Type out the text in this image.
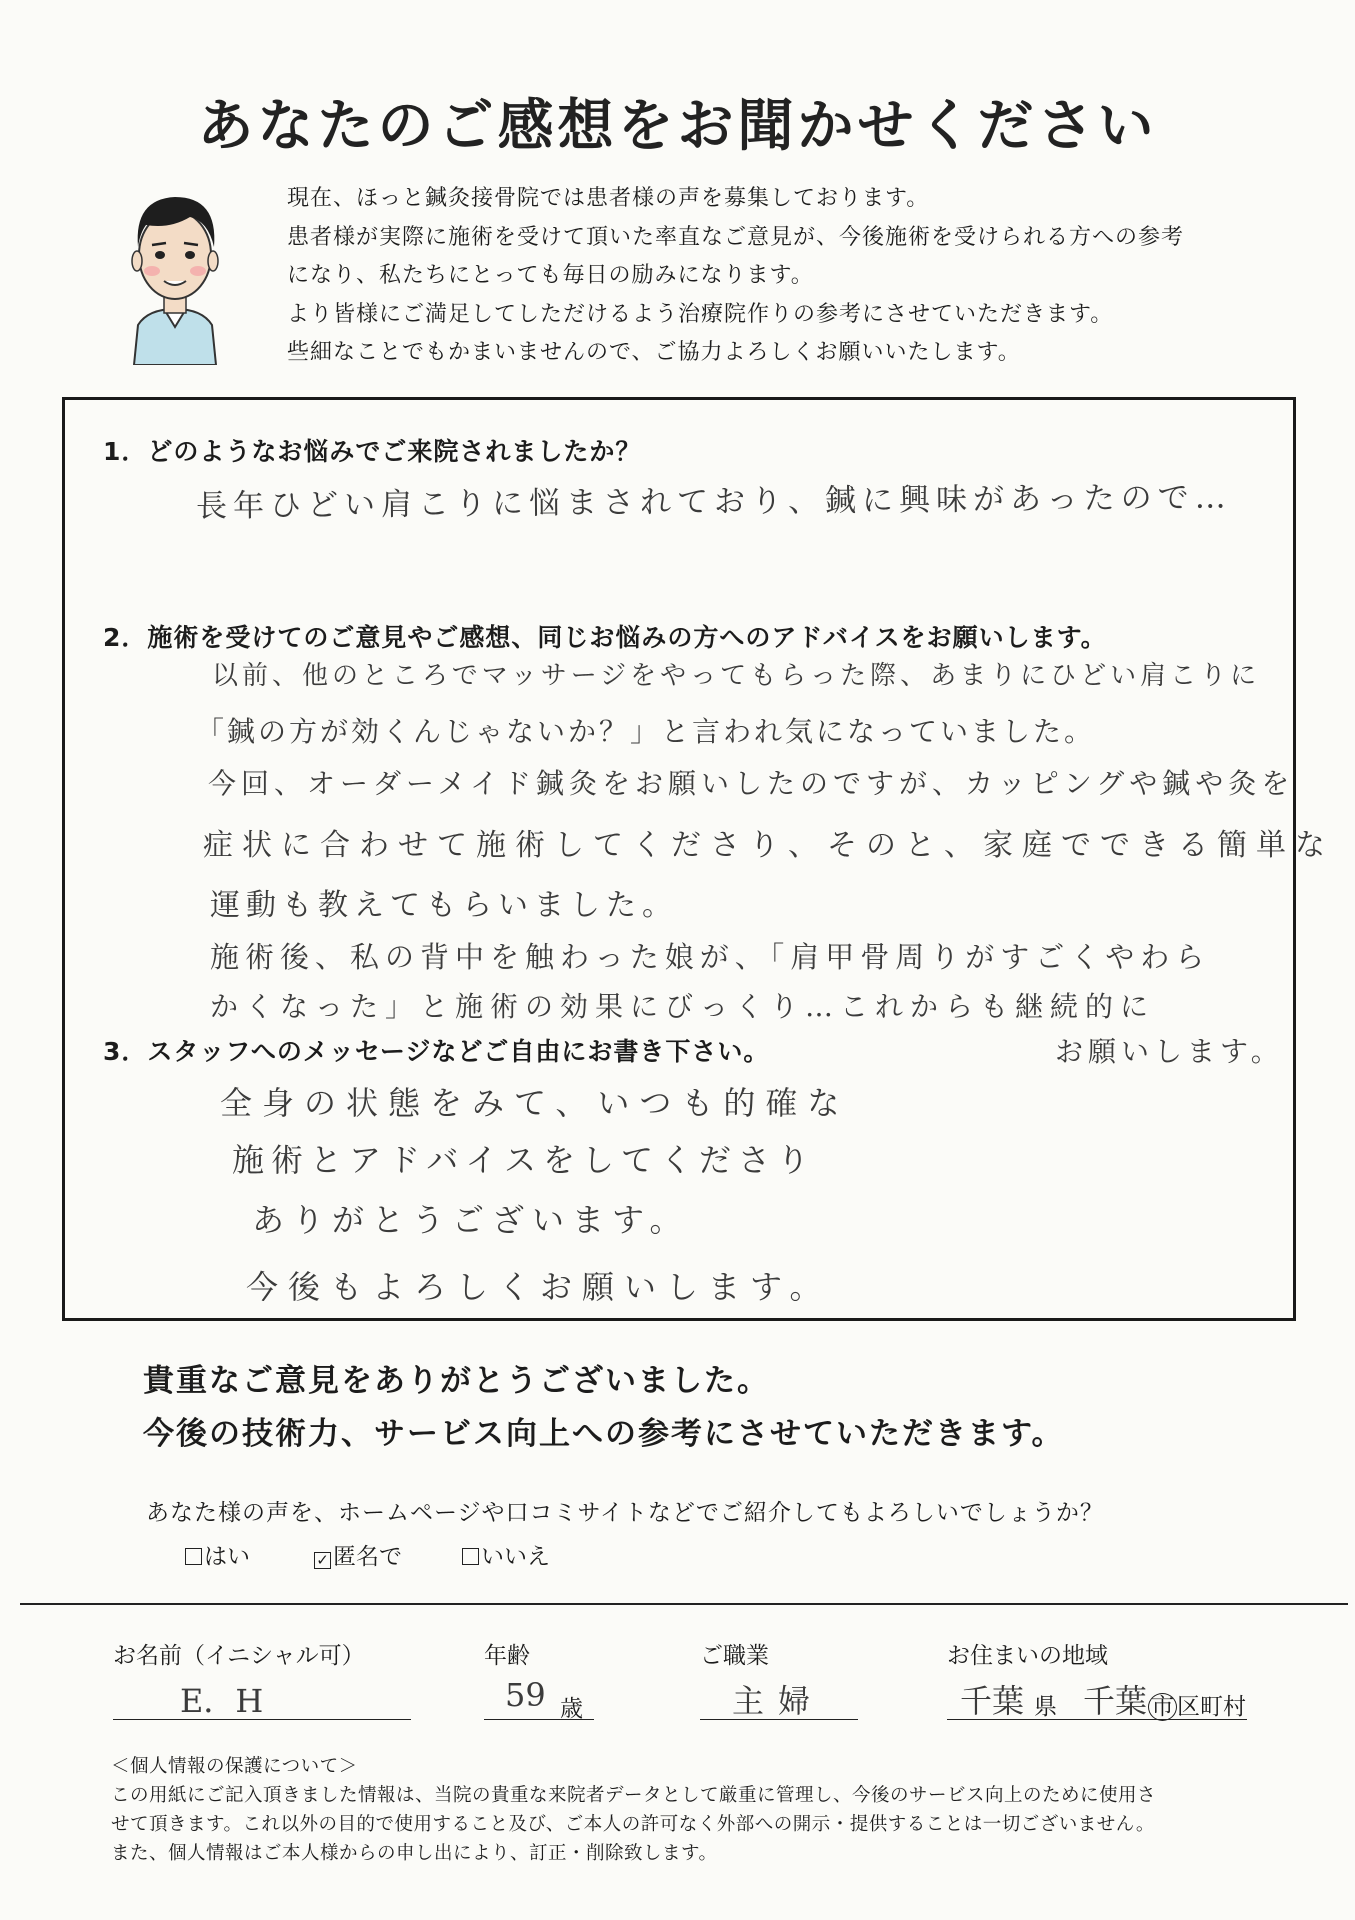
あなたのご感想をお聞かせください

現在、ほっと鍼灸接骨院では患者様の声を募集しております。

患者様が実際に施術を受けて頂いた率直なご意見が、今後施術を受けられる方への参考

になり、私たちにとっても毎日の励みになります。

より皆様にご満足してしただけるよう治療院作りの参考にさせていただきます。

些細なことでもかまいませんので、ご協力よろしくお願いいたします。

1．どのようなお悩みでご来院されましたか？
長年ひどい肩こりに悩まされており、鍼に興味があったので…
2．施術を受けてのご意見やご感想、同じお悩みの方へのアドバイスをお願いします。
以前、他のところでマッサージをやってもらった際、あまりにひどい肩こりに
「鍼の方が効くんじゃないか？」と言われ気になっていました。
今回、オーダーメイド鍼灸をお願いしたのですが、カッピングや鍼や灸を
症状に合わせて施術してくださり、そのと、家庭でできる簡単な
運動も教えてもらいました。
施術後、私の背中を触わった娘が、「肩甲骨周りがすごくやわら
かくなった」と施術の効果にびっくり…これからも継続的に
お願いします。
3．スタッフへのメッセージなどご自由にお書き下さい。
全身の状態をみて、いつも的確な
施術とアドバイスをしてくださり
ありがとうございます。
今後もよろしくお願いします。
貴重なご意見をありがとうございました。
今後の技術力、サービス向上への参考にさせていただきます。
あなた様の声を、ホームページや口コミサイトなどでご紹介してもよろしいでしょうか？
はい	✓ 匿名で	いいえ
お名前（イニシャル可）
E．H
年齢
59 歳
ご職業
主婦
お住まいの地域
千葉 県 千葉 市 区町村

＜個人情報の保護について＞

この用紙にご記入頂きました情報は、当院の貴重な来院者データとして厳重に管理し、今後のサービス向上のために使用さ

せて頂きます。これ以外の目的で使用すること及び、ご本人の許可なく外部への開示・提供することは一切ございません。

また、個人情報はご本人様からの申し出により、訂正・削除致します。
